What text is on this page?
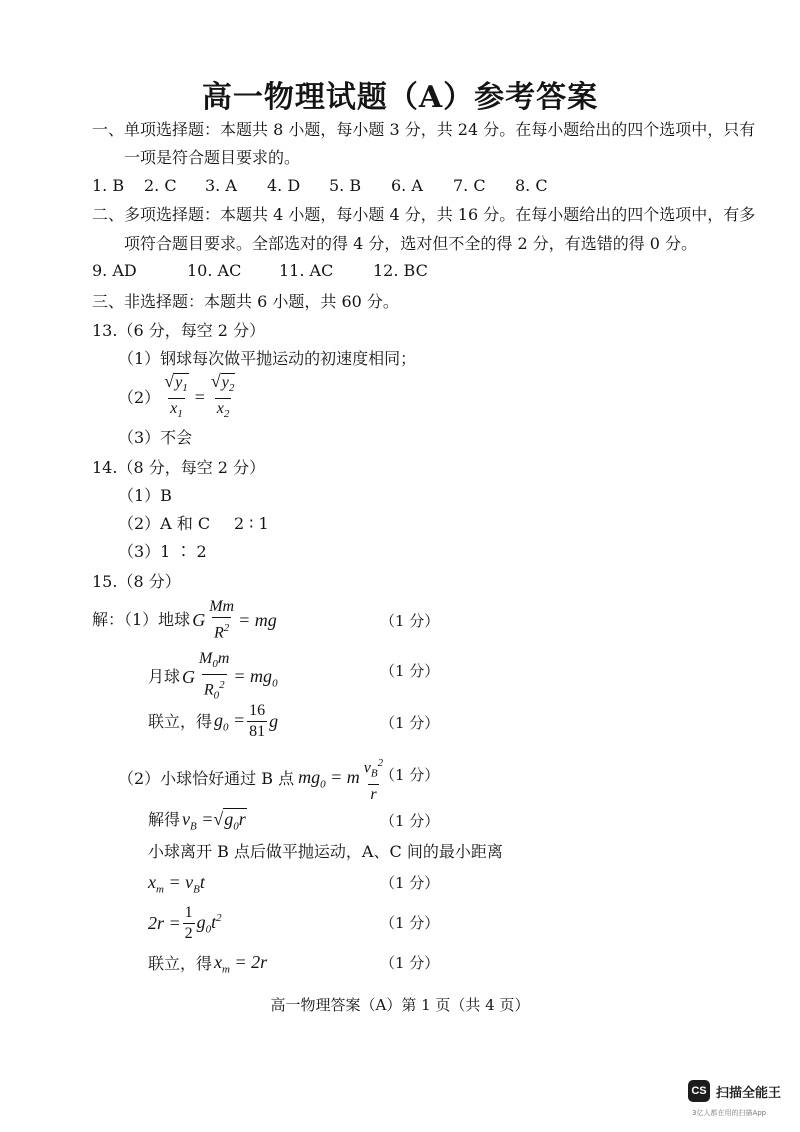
高一物理试题（A）参考答案
一、单项选择题：本题共 8 小题，每小题 3 分，共 24 分。在每小题给出的四个选项中，只有
一项是符合题目要求的。
1. B 2. C 3. A 4. D 5. B 6. A 7. C 8. C
二、多项选择题：本题共 4 小题，每小题 4 分，共 16 分。在每小题给出的四个选项中，有多
项符合题目要求。全部选对的得 4 分，选对但不全的得 2 分，有选错的得 0 分。
9. AD	10. AC 11. AC 12. BC
三、非选择题：本题共 6 小题，共 60 分。
13.（6 分，每空 2 分）
（1）钢球每次做平抛运动的初速度相同；
$(2) \frac{√y_1}{x_1} = \frac{√y_2}{x_2}$
（3）不会
14.（8 分，每空 2 分）
（1）B
（2）A 和 C 2 ∶ 1
（3）1 ∶ 2
15.（8 分）
解：（1）地球 G $\frac{Mm}{R^2}$ = mg	（1 分）
月球 G $\frac{M_0m}{R_0^2} = mg_0$
（1 分）
联立，得 $g_0 = \frac{16}{81}$ g	（1 分）
（2）小球恰好通过 B 点 $mg_0 = m \frac{v_B^2}{r}$
（1 分）
解得 $v_B = √g_0r$	（1 分）
小球离开 B 点后做平抛运动，A、C 间的最小距离
$x_m = v_Bt$	（1 分）
$2r = \frac{1}{2} g_0t^2$	（1 分）
联立，得 $x_m = 2r$	（1 分）
高一物理答案（A）第 1 页（共 4 页）
CS 扫描全能王
3亿人都在用的扫描App
